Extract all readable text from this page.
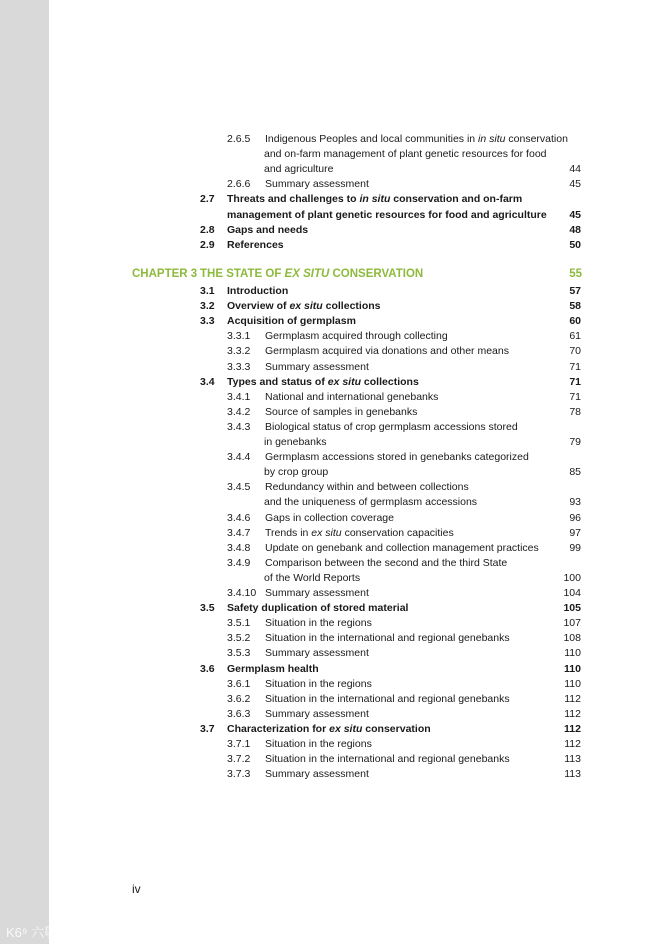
2.6.5 Indigenous Peoples and local communities in in situ conservation
and on-farm management of plant genetic resources for food
and agriculture	44
2.6.6 Summary assessment	45
2.7 Threats and challenges to in situ conservation and on-farm
management of plant genetic resources for food and agriculture 45
2.8 Gaps and needs	48
2.9 References	50
CHAPTER 3 THE STATE OF EX SITU CONSERVATION	55
3.1 Introduction	57
3.2 Overview of ex situ collections	58
3.3 Acquisition of germplasm	60
3.3.1 Germplasm acquired through collecting	61
3.3.2 Germplasm acquired via donations and other means	70
3.3.3 Summary assessment	71
3.4 Types and status of ex situ collections	71
3.4.1 National and international genebanks	71
3.4.2 Source of samples in genebanks	78
3.4.3 Biological status of crop germplasm accessions stored
in genebanks	79
3.4.4 Germplasm accessions stored in genebanks categorized
by crop group	85
3.4.5 Redundancy within and between collections
and the uniqueness of germplasm accessions	93
3.4.6 Gaps in collection coverage	96
3.4.7 Trends in ex situ conservation capacities	97
3.4.8 Update on genebank and collection management practices	99
3.4.9 Comparison between the second and the third State
of the World Reports	100
3.4.10 Summary assessment	104
3.5 Safety duplication of stored material	105
3.5.1 Situation in the regions	107
3.5.2 Situation in the international and regional genebanks	108
3.5.3 Summary assessment	110
3.6 Germplasm health	110
3.6.1 Situation in the regions	110
3.6.2 Situation in the international and regional genebanks	112
3.6.3 Summary assessment	112
3.7 Characterization for ex situ conservation	112
3.7.1 Situation in the regions	112
3.7.2 Situation in the international and regional genebanks	113
3.7.3 Summary assessment	113
iv
K6⁹ 六敬繁體
